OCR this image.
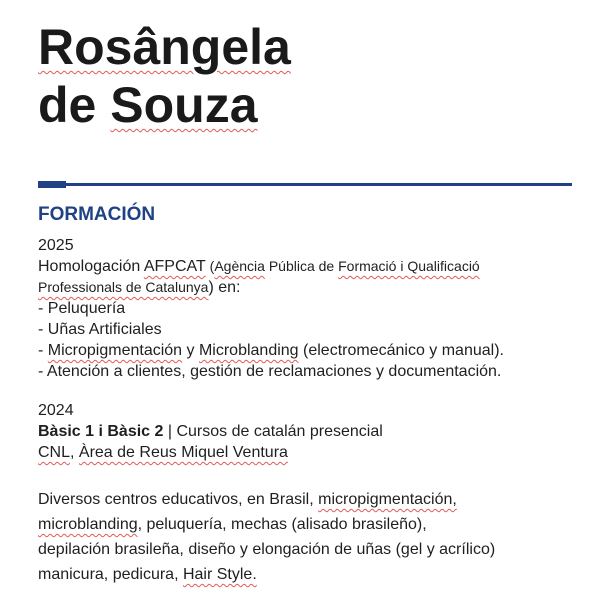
Rosângela
de Souza
FORMACIÓN

2025

Homologación AFPCAT (Agència Pública de Formació i Qualificació

Professionals de Catalunya) en:

- Peluquería

- Uñas Artificiales

- Micropigmentación y Microblanding (electromecánico y manual).

- Atención a clientes, gestión de reclamaciones y documentación.

2024

Bàsic 1 i Bàsic 2 | Cursos de catalán presencial

CNL, Àrea de Reus Miquel Ventura

Diversos centros educativos, en Brasil, micropigmentación,

microblanding, peluquería, mechas (alisado brasileño),

depilación brasileña, diseño y elongación de uñas (gel y acrílico)

manicura, pedicura, Hair Style.
